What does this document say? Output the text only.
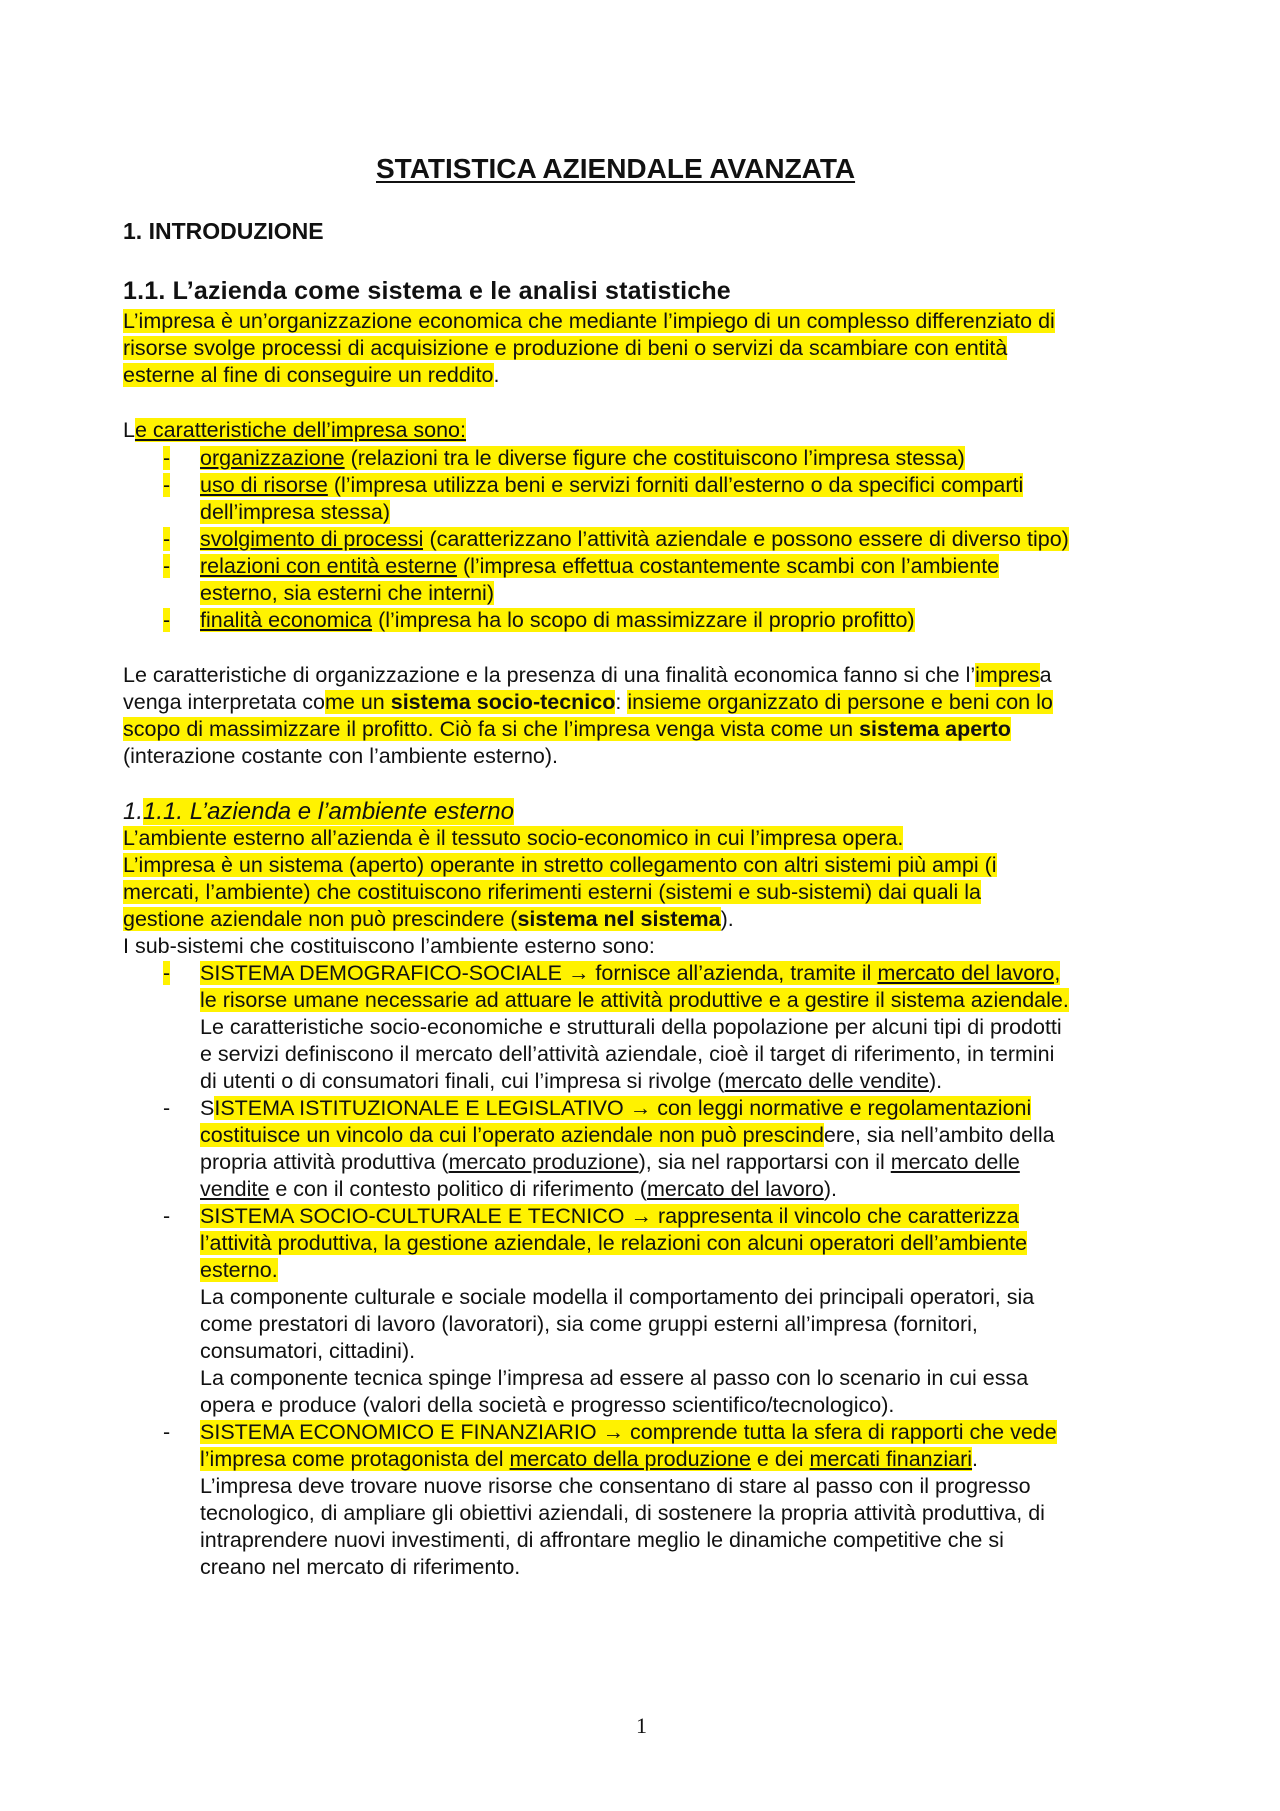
STATISTICA AZIENDALE AVANZATA
1. INTRODUZIONE
1.1. L’azienda come sistema e le analisi statistiche
L’impresa è un’organizzazione economica che mediante l’impiego di un complesso differenziato di
risorse svolge processi di acquisizione e produzione di beni o servizi da scambiare con entità
esterne al fine di conseguire un reddito.
Le caratteristiche dell’impresa sono:
- organizzazione (relazioni tra le diverse figure che costituiscono l’impresa stessa)
- uso di risorse (l’impresa utilizza beni e servizi forniti dall’esterno o da specifici comparti
dell’impresa stessa)
- svolgimento di processi (caratterizzano l’attività aziendale e possono essere di diverso tipo)
- relazioni con entità esterne (l’impresa effettua costantemente scambi con l’ambiente
esterno, sia esterni che interni)
- finalità economica (l’impresa ha lo scopo di massimizzare il proprio profitto)
Le caratteristiche di organizzazione e la presenza di una finalità economica fanno si che l’impresa
venga interpretata come un sistema socio-tecnico: insieme organizzato di persone e beni con lo
scopo di massimizzare il profitto. Ciò fa si che l’impresa venga vista come un sistema aperto
(interazione costante con l’ambiente esterno).
1.1.1. L’azienda e l’ambiente esterno
L’ambiente esterno all’azienda è il tessuto socio-economico in cui l’impresa opera.
L’impresa è un sistema (aperto) operante in stretto collegamento con altri sistemi più ampi (i
mercati, l’ambiente) che costituiscono riferimenti esterni (sistemi e sub-sistemi) dai quali la
gestione aziendale non può prescindere (sistema nel sistema).
I sub-sistemi che costituiscono l’ambiente esterno sono:
- SISTEMA DEMOGRAFICO-SOCIALE → fornisce all’azienda, tramite il mercato del lavoro,
le risorse umane necessarie ad attuare le attività produttive e a gestire il sistema aziendale.
Le caratteristiche socio-economiche e strutturali della popolazione per alcuni tipi di prodotti
e servizi definiscono il mercato dell’attività aziendale, cioè il target di riferimento, in termini
di utenti o di consumatori finali, cui l’impresa si rivolge (mercato delle vendite).
- SISTEMA ISTITUZIONALE E LEGISLATIVO → con leggi normative e regolamentazioni
costituisce un vincolo da cui l’operato aziendale non può prescindere, sia nell’ambito della
propria attività produttiva (mercato produzione), sia nel rapportarsi con il mercato delle
vendite e con il contesto politico di riferimento (mercato del lavoro).
- SISTEMA SOCIO-CULTURALE E TECNICO → rappresenta il vincolo che caratterizza
l’attività produttiva, la gestione aziendale, le relazioni con alcuni operatori dell’ambiente
esterno.
La componente culturale e sociale modella il comportamento dei principali operatori, sia
come prestatori di lavoro (lavoratori), sia come gruppi esterni all’impresa (fornitori,
consumatori, cittadini).
La componente tecnica spinge l’impresa ad essere al passo con lo scenario in cui essa
opera e produce (valori della società e progresso scientifico/tecnologico).
- SISTEMA ECONOMICO E FINANZIARIO → comprende tutta la sfera di rapporti che vede
l’impresa come protagonista del mercato della produzione e dei mercati finanziari.
L’impresa deve trovare nuove risorse che consentano di stare al passo con il progresso
tecnologico, di ampliare gli obiettivi aziendali, di sostenere la propria attività produttiva, di
intraprendere nuovi investimenti, di affrontare meglio le dinamiche competitive che si
creano nel mercato di riferimento.
1
